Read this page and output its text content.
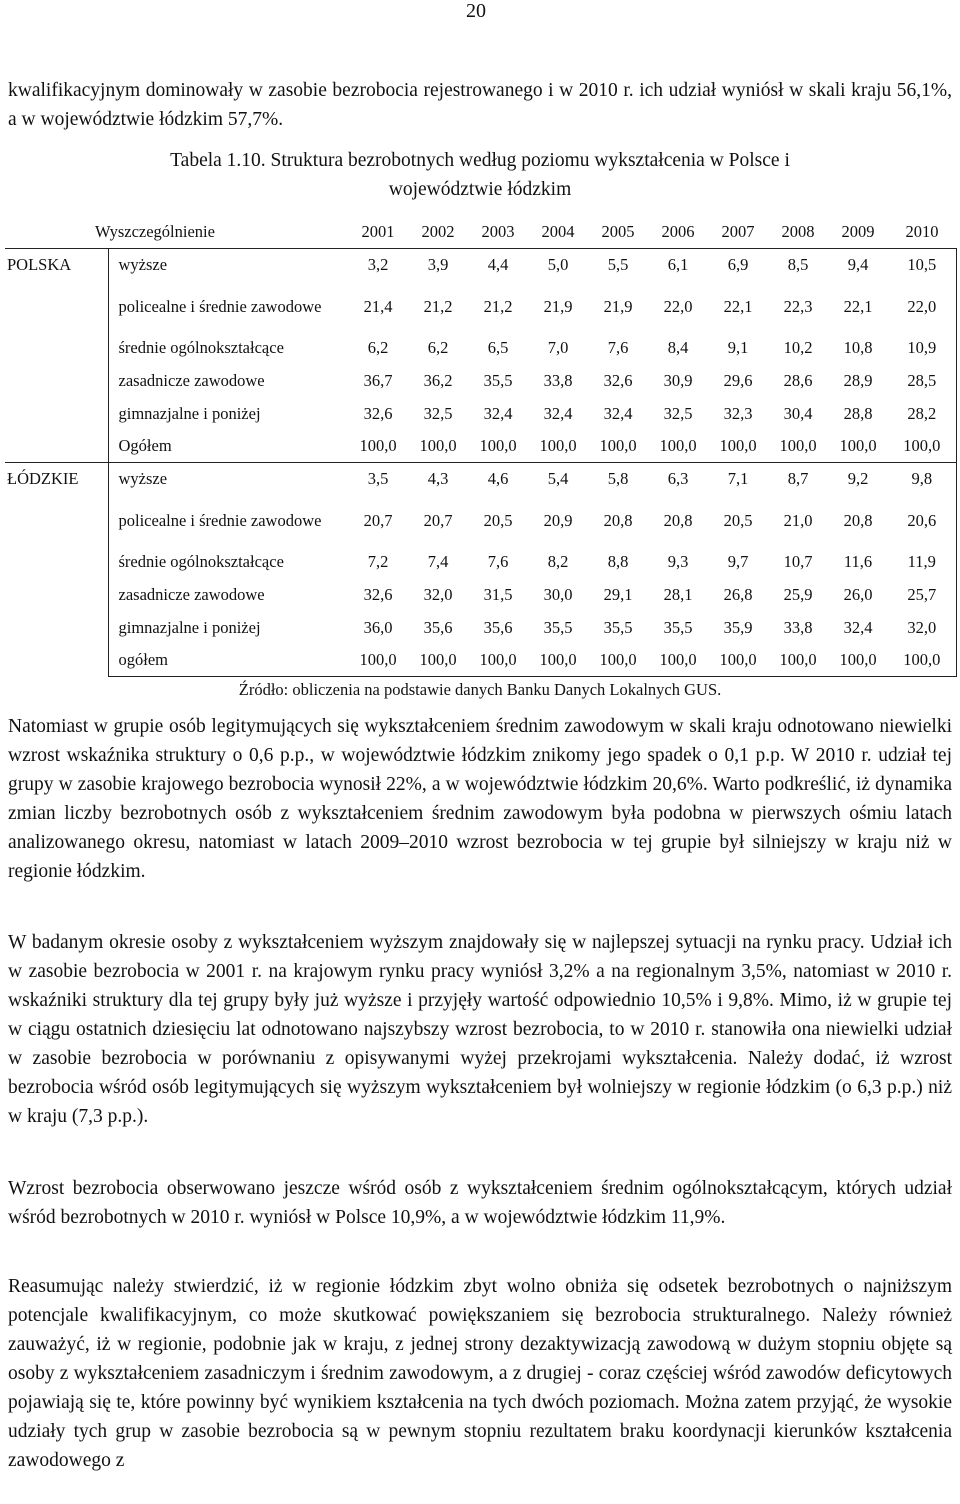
20

kwalifikacyjnym dominowały w zasobie bezrobocia rejestrowanego i w 2010 r. ich udział wyniósł w skali kraju 56,1%, a w województwie łódzkim 57,7%.

Tabela 1.10. Struktura bezrobotnych według poziomu wykształcenia w Polsce i województwie łódzkim
Wyszczególnienie		2001	2002	2003	2004	2005	2006	2007	2008	2009	2010
POLSKA	wyższe	3,2	3,9	4,4	5,0	5,5	6,1	6,9	8,5	9,4	10,5
	policealne i średnie zawodowe	21,4	21,2	21,2	21,9	21,9	22,0	22,1	22,3	22,1	22,0
	średnie ogólnokształcące	6,2	6,2	6,5	7,0	7,6	8,4	9,1	10,2	10,8	10,9
	zasadnicze zawodowe	36,7	36,2	35,5	33,8	32,6	30,9	29,6	28,6	28,9	28,5
	gimnazjalne i poniżej	32,6	32,5	32,4	32,4	32,4	32,5	32,3	30,4	28,8	28,2
	Ogółem	100,0	100,0	100,0	100,0	100,0	100,0	100,0	100,0	100,0	100,0
ŁÓDZKIE	wyższe	3,5	4,3	4,6	5,4	5,8	6,3	7,1	8,7	9,2	9,8
	policealne i średnie zawodowe	20,7	20,7	20,5	20,9	20,8	20,8	20,5	21,0	20,8	20,6
	średnie ogólnokształcące	7,2	7,4	7,6	8,2	8,8	9,3	9,7	10,7	11,6	11,9
	zasadnicze zawodowe	32,6	32,0	31,5	30,0	29,1	28,1	26,8	25,9	26,0	25,7
	gimnazjalne i poniżej	36,0	35,6	35,6	35,5	35,5	35,5	35,9	33,8	32,4	32,0
	ogółem	100,0	100,0	100,0	100,0	100,0	100,0	100,0	100,0	100,0	100,0
Źródło: obliczenia na podstawie danych Banku Danych Lokalnych GUS.

Natomiast w grupie osób legitymujących się wykształceniem średnim zawodowym w skali kraju odnotowano niewielki wzrost wskaźnika struktury o 0,6 p.p., w województwie łódzkim znikomy jego spadek o 0,1 p.p. W 2010 r. udział tej grupy w zasobie krajowego bezrobocia wynosił 22%, a w województwie łódzkim 20,6%. Warto podkreślić, iż dynamika zmian liczby bezrobotnych osób z wykształceniem średnim zawodowym była podobna w pierwszych ośmiu latach analizowanego okresu, natomiast w latach 2009–2010 wzrost bezrobocia w tej grupie był silniejszy w kraju niż w regionie łódzkim.

W badanym okresie osoby z wykształceniem wyższym znajdowały się w najlepszej sytuacji na rynku pracy. Udział ich w zasobie bezrobocia w 2001 r. na krajowym rynku pracy wyniósł 3,2% a na regionalnym 3,5%, natomiast w 2010 r. wskaźniki struktury dla tej grupy były już wyższe i przyjęły wartość odpowiednio 10,5% i 9,8%. Mimo, iż w grupie tej w ciągu ostatnich dziesięciu lat odnotowano najszybszy wzrost bezrobocia, to w 2010 r. stanowiła ona niewielki udział w zasobie bezrobocia w porównaniu z opisywanymi wyżej przekrojami wykształcenia. Należy dodać, iż wzrost bezrobocia wśród osób legitymujących się wyższym wykształceniem był wolniejszy w regionie łódzkim (o 6,3 p.p.) niż w kraju (7,3 p.p.).

Wzrost bezrobocia obserwowano jeszcze wśród osób z wykształceniem średnim ogólnokształcącym, których udział wśród bezrobotnych w 2010 r. wyniósł w Polsce 10,9%, a w województwie łódzkim 11,9%.

Reasumując należy stwierdzić, iż w regionie łódzkim zbyt wolno obniża się odsetek bezrobotnych o najniższym potencjale kwalifikacyjnym, co może skutkować powiększaniem się bezrobocia strukturalnego. Należy również zauważyć, iż w regionie, podobnie jak w kraju, z jednej strony dezaktywizacją zawodową w dużym stopniu objęte są osoby z wykształceniem zasadniczym i średnim zawodowym, a z drugiej - coraz częściej wśród zawodów deficytowych pojawiają się te, które powinny być wynikiem kształcenia na tych dwóch poziomach. Można zatem przyjąć, że wysokie udziały tych grup w zasobie bezrobocia są w pewnym stopniu rezultatem braku koordynacji kierunków kształcenia zawodowego z
